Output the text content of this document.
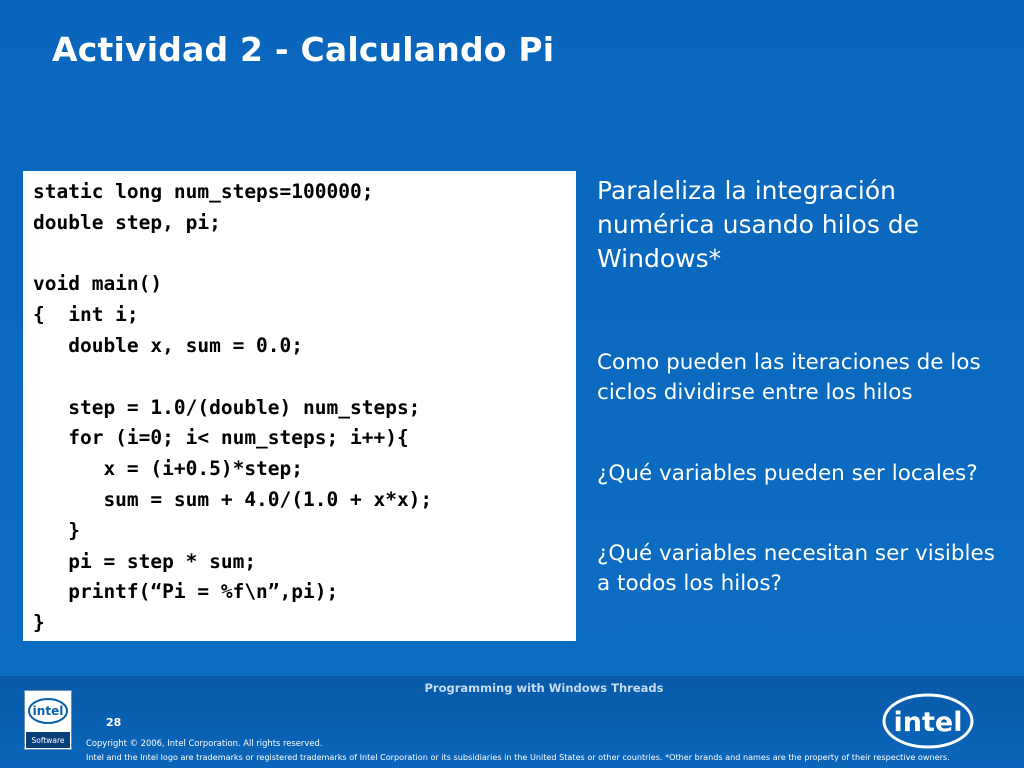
Actividad 2 - Calculando Pi
static long num_steps=100000;
double step, pi;
void main()
{  int i;
double x, sum = 0.0;
step = 1.0/(double) num_steps;
for (i=0; i< num_steps; i++){
x = (i+0.5)*step;
sum = sum + 4.0/(1.0 + x*x);
}
pi = step * sum;
printf(“Pi = %f\n”,pi);
}
Paraleliza la integración numérica usando hilos de Windows*
Como pueden las iteraciones de los ciclos dividirse entre los hilos
¿Qué variables pueden ser locales?
¿Qué variables necesitan ser visibles a todos los hilos?
intel
Software
Programming with Windows Threads
28
Copyright © 2006, Intel Corporation. All rights reserved.
Intel and the Intel logo are trademarks or registered trademarks of Intel Corporation or its subsidiaries in the United States or other countries. *Other brands and names are the property of their respective owners.
intel
